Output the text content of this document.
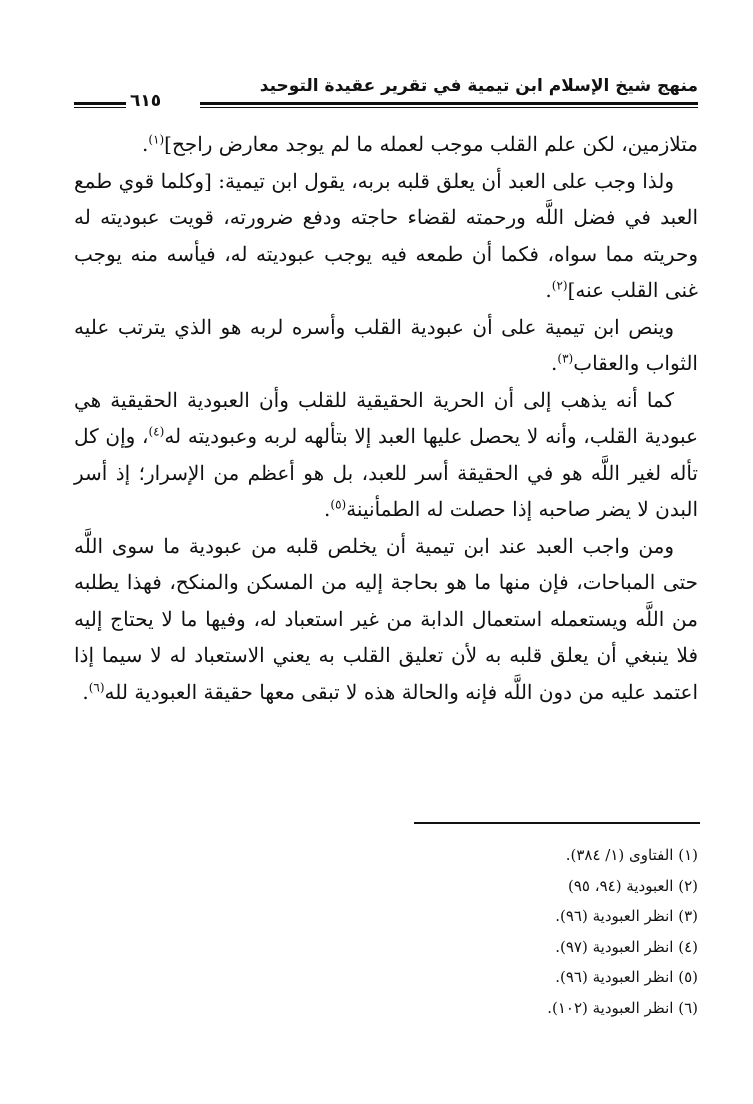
منهج شيخ الإسلام ابن تيمية في تقرير عقيدة التوحيد
٦١٥

متلازمين، لكن علم القلب موجب لعمله ما لم يوجد معارض راجح]$^{(١)}$.

ولذا وجب على العبد أن يعلق قلبه بربه، يقول ابن تيمية: [وكلما قوي طمع العبد في فضل اللَّه ورحمته لقضاء حاجته ودفع ضرورته، قويت عبوديته له وحريته مما سواه، فكما أن طمعه فيه يوجب عبوديته له، فيأسه منه يوجب غنى القلب عنه]$^{(٢)}$.

وينص ابن تيمية على أن عبودية القلب وأسره لربه هو الذي يترتب عليه الثواب والعقاب$^{(٣)}$.

كما أنه يذهب إلى أن الحرية الحقيقية للقلب وأن العبودية الحقيقية هي عبودية القلب، وأنه لا يحصل عليها العبد إلا بتألهه لربه وعبوديته له$^{(٤)}$، وإن كل تأله لغير اللَّه هو في الحقيقة أسر للعبد، بل هو أعظم من الإسرار؛ إذ أسر البدن لا يضر صاحبه إذا حصلت له الطمأنينة$^{(٥)}$.

ومن واجب العبد عند ابن تيمية أن يخلص قلبه من عبودية ما سوى اللَّه حتى المباحات، فإن منها ما هو بحاجة إليه من المسكن والمنكح، فهذا يطلبه من اللَّه ويستعمله استعمال الدابة من غير استعباد له، وفيها ما لا يحتاج إليه فلا ينبغي أن يعلق قلبه به لأن تعليق القلب به يعني الاستعباد له لا سيما إذا اعتمد عليه من دون اللَّه فإنه والحالة هذه لا تبقى معها حقيقة العبودية لله$^{(٦)}$.

(١) الفتاوى (١/ ٣٨٤).
(٢) العبودية (٩٤، ٩٥)
(٣) انظر العبودية (٩٦).
(٤) انظر العبودية (٩٧).
(٥) انظر العبودية (٩٦).
(٦) انظر العبودية (١٠٢).
